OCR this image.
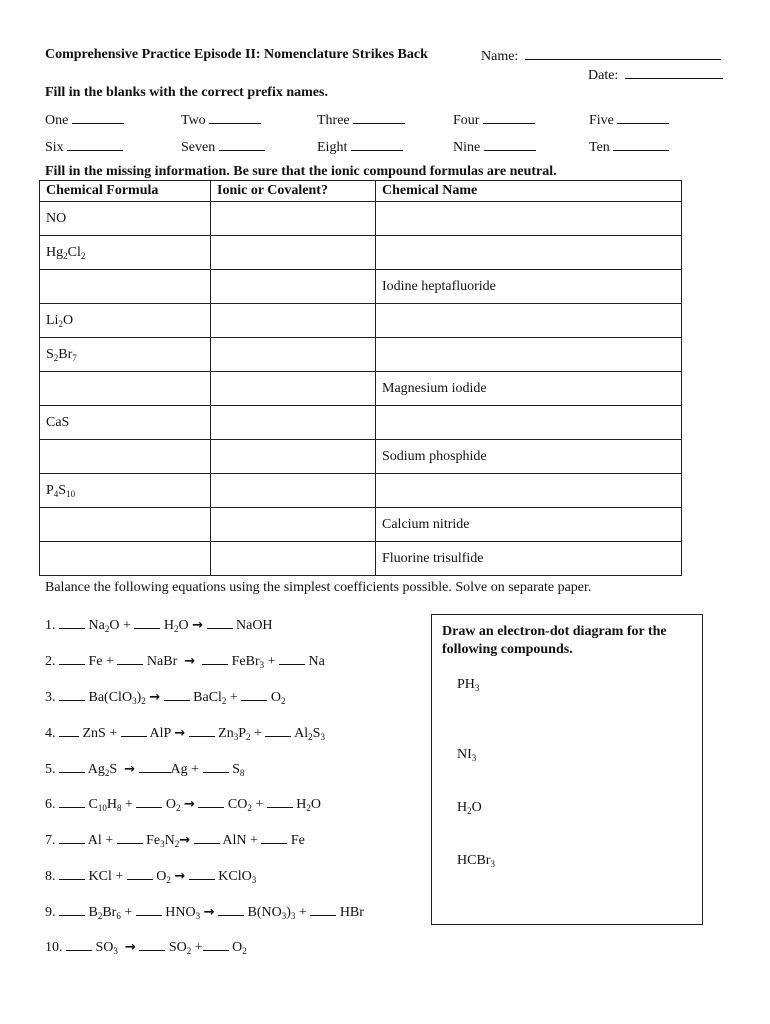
Comprehensive Practice Episode II: Nomenclature Strikes Back	Name:
Date:
Fill in the blanks with the correct prefix names.
One	Two	Three	Four	Five
Six	Seven	Eight	Nine	Ten
Fill in the missing information. Be sure that the ionic compound formulas are neutral.
Chemical Formula	Ionic or Covalent?	Chemical Name
NO		
$Hg_2Cl_2$		
		Iodine heptafluoride
$Li_2O$		
$S_2Br_7$		
		Magnesium iodide
CaS		
		Sodium phosphide
$P_4S_{10}$		
		Calcium nitride
		Fluorine trisulfide
Balance the following equations using the simplest coefficients possible. Solve on separate paper.
1.  $Na_2O + H_2O$ →  NaOH
2.  Fe +  NaBr  →   FeBr$_3$ +  Na
3.  $Ba(ClO_3)_2$ →  BaCl$_2$ +  $O_2$
4.  ZnS +  AlP →  $Zn_3P_2 + Al_2S_3$
5.  $Ag_2S$  →	$Ag + S_8$
6.  $C_{10}H_8 + O_2 \to CO_2 + H_2O$
7.  $Al + Fe_3N_2\to$  AlN +  Fe
8.  KCl +  $O_2$ →  KClO$_3$
9.  $B_2Br_6 + HNO_3 \to B(NO_3)_3$ +  HBr
10.  $SO_3 \to SO_2 + O_2$
Draw an electron-dot diagram for the
following compounds.
$PH_3$
$NI_3$
$H_2O$
HCBr$_3$
